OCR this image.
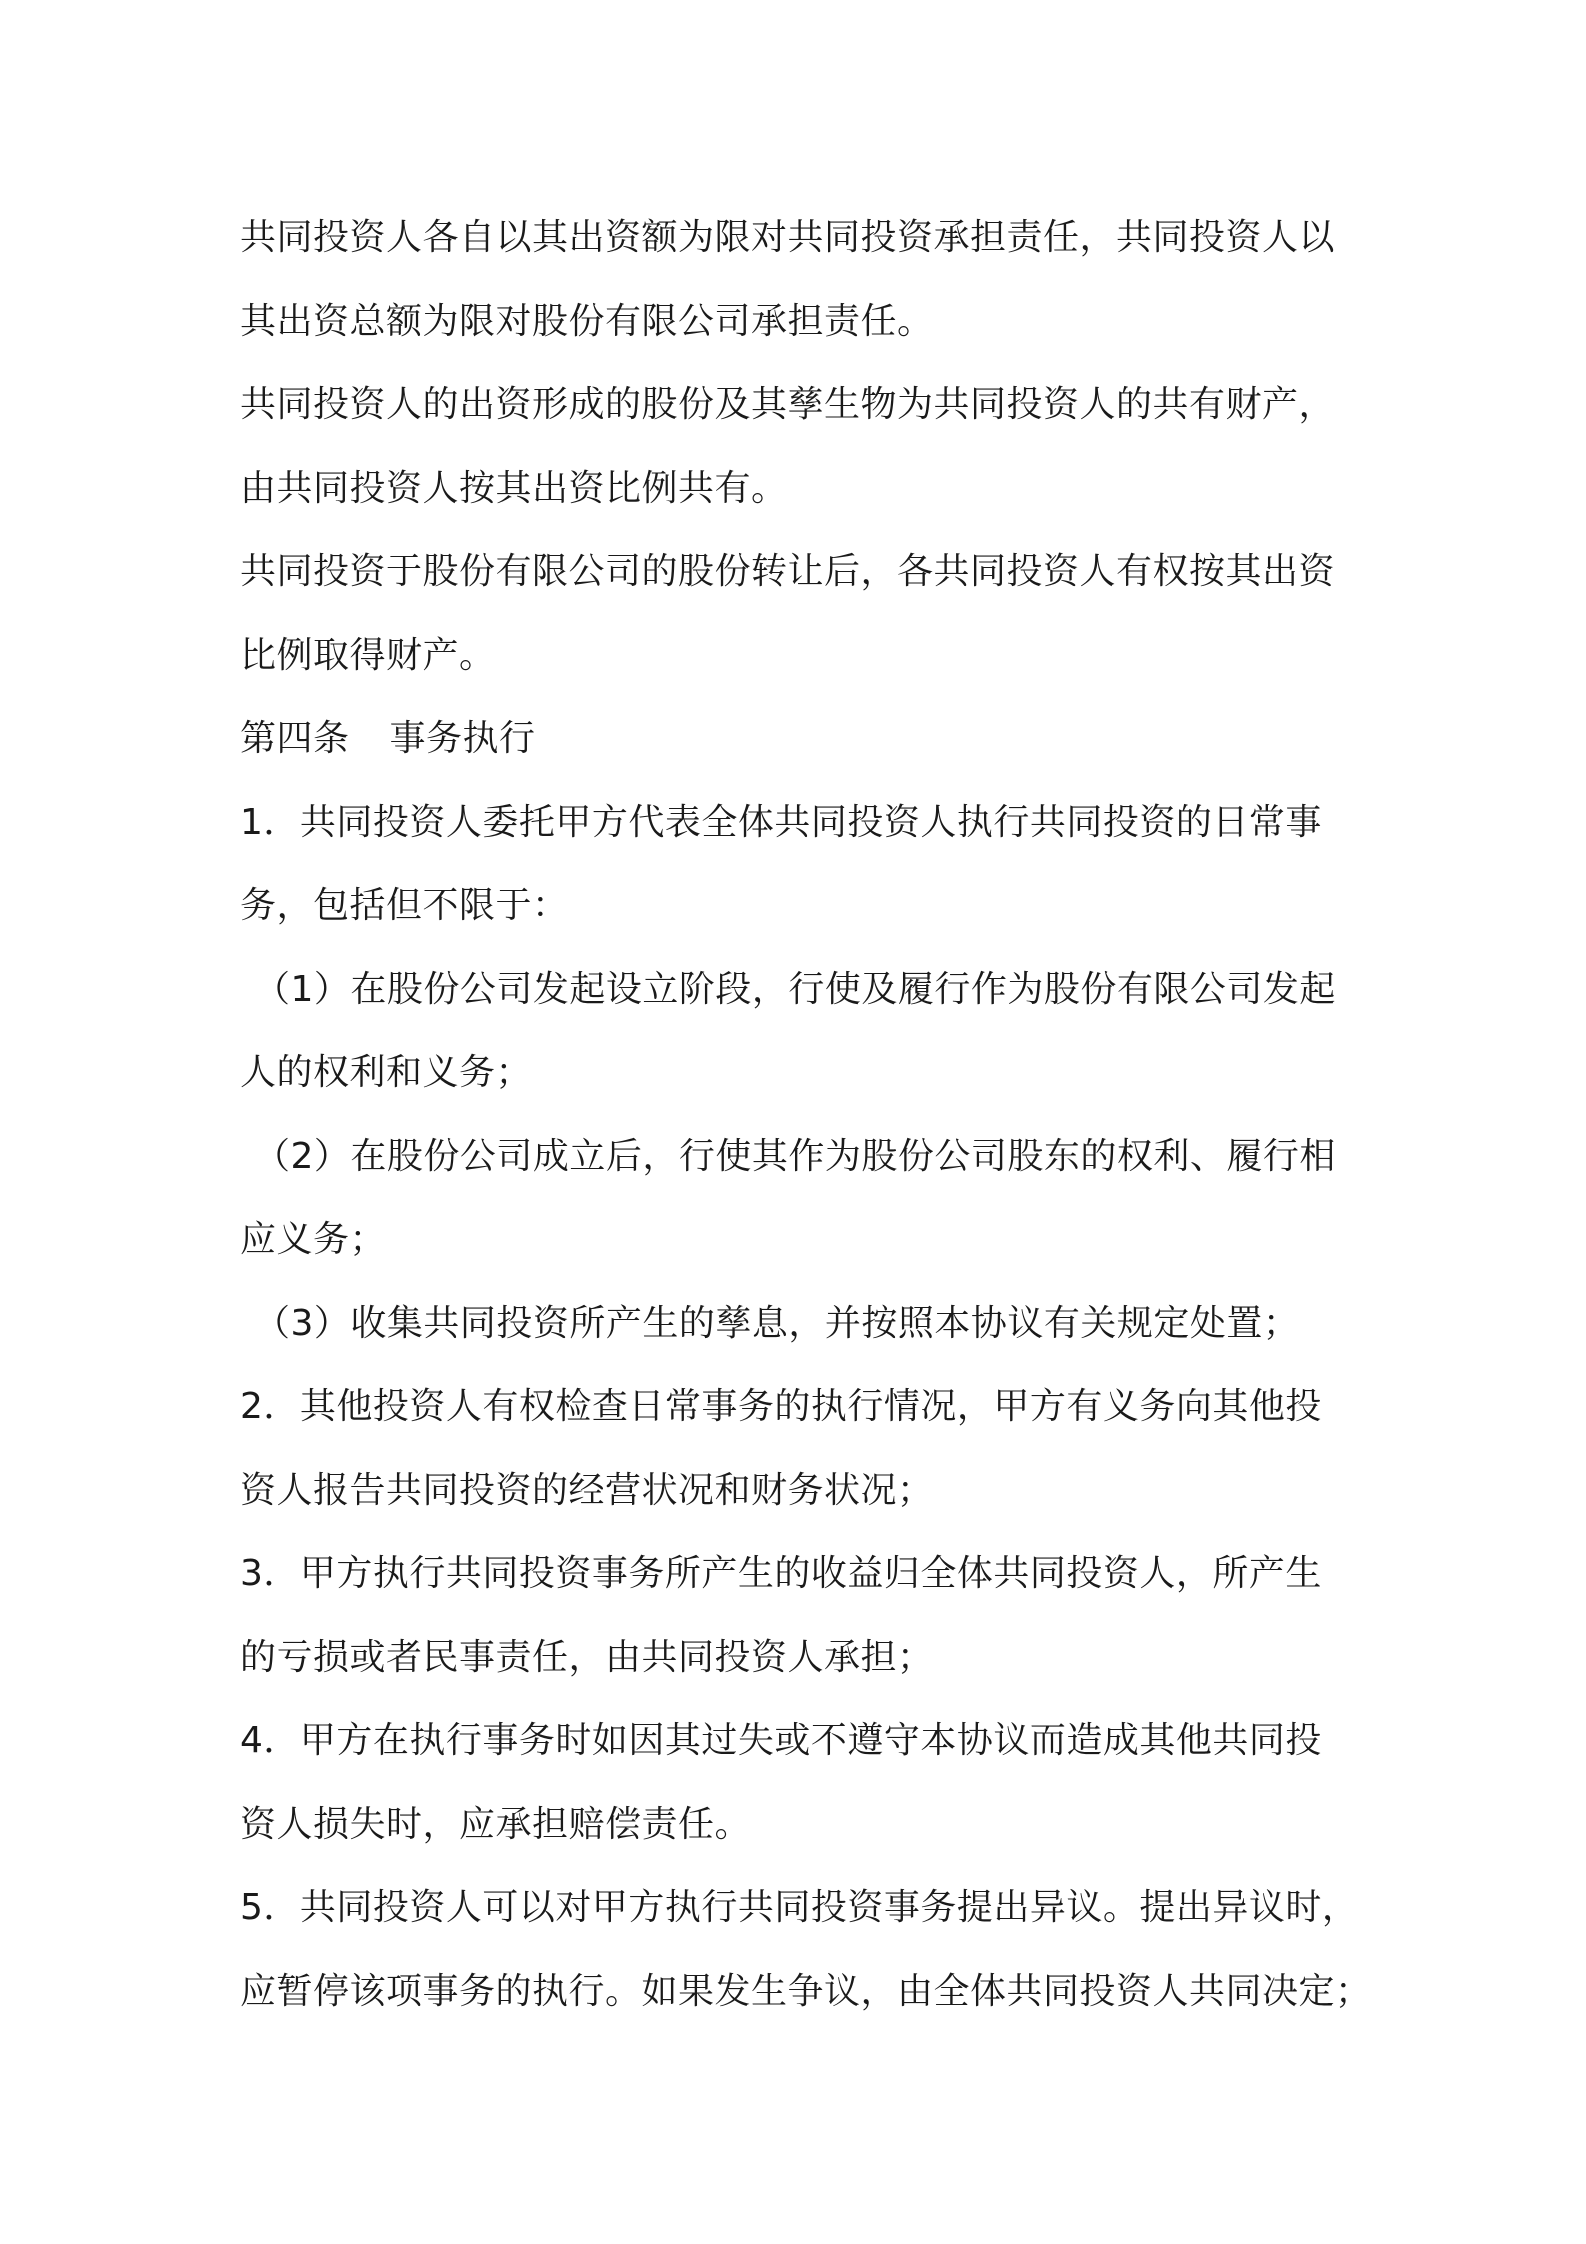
共同投资人各自以其出资额为限对共同投资承担责任，共同投资人以
其出资总额为限对股份有限公司承担责任。
共同投资人的出资形成的股份及其孳生物为共同投资人的共有财产，
由共同投资人按其出资比例共有。
共同投资于股份有限公司的股份转让后，各共同投资人有权按其出资
比例取得财产。
第四条 事务执行
1．共同投资人委托甲方代表全体共同投资人执行共同投资的日常事
务，包括但不限于：
（1）在股份公司发起设立阶段，行使及履行作为股份有限公司发起
人的权利和义务；
（2）在股份公司成立后，行使其作为股份公司股东的权利、履行相
应义务；
（3）收集共同投资所产生的孳息，并按照本协议有关规定处置；
2．其他投资人有权检查日常事务的执行情况，甲方有义务向其他投
资人报告共同投资的经营状况和财务状况；
3．甲方执行共同投资事务所产生的收益归全体共同投资人，所产生
的亏损或者民事责任，由共同投资人承担；
4．甲方在执行事务时如因其过失或不遵守本协议而造成其他共同投
资人损失时，应承担赔偿责任。
5．共同投资人可以对甲方执行共同投资事务提出异议。提出异议时，
应暂停该项事务的执行。如果发生争议，由全体共同投资人共同决定；
